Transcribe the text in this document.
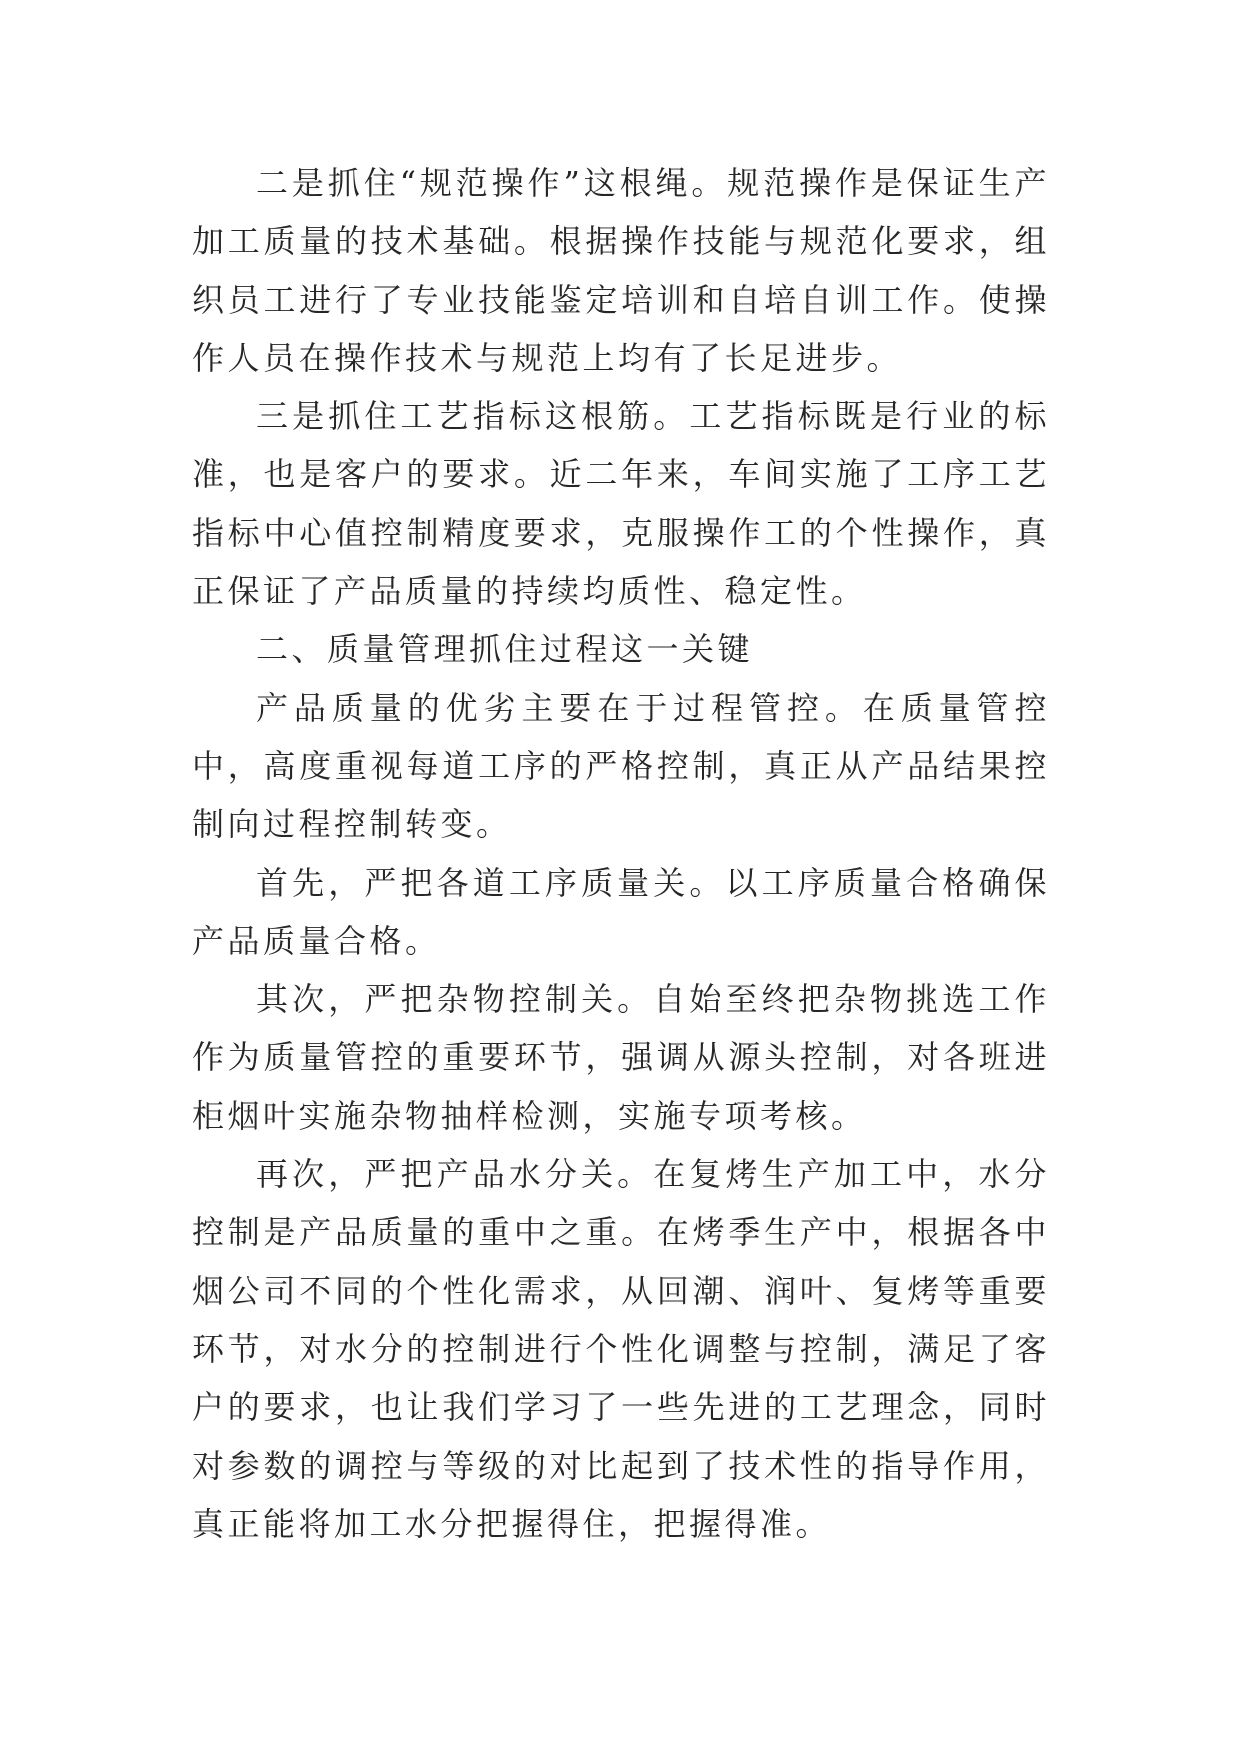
二是抓住“规范操作”这根绳。规范操作是保证生产加工质量的技术基础。根据操作技能与规范化要求，组织员工进行了专业技能鉴定培训和自培自训工作。使操作人员在操作技术与规范上均有了长足进步。

三是抓住工艺指标这根筋。工艺指标既是行业的标准，也是客户的要求。近二年来，车间实施了工序工艺指标中心值控制精度要求，克服操作工的个性操作，真正保证了产品质量的持续均质性、稳定性。

二、质量管理抓住过程这一关键

产品质量的优劣主要在于过程管控。在质量管控中，高度重视每道工序的严格控制，真正从产品结果控制向过程控制转变。

首先，严把各道工序质量关。以工序质量合格确保产品质量合格。

其次，严把杂物控制关。自始至终把杂物挑选工作作为质量管控的重要环节，强调从源头控制，对各班进柜烟叶实施杂物抽样检测，实施专项考核。

再次，严把产品水分关。在复烤生产加工中，水分控制是产品质量的重中之重。在烤季生产中，根据各中烟公司不同的个性化需求，从回潮、润叶、复烤等重要环节，对水分的控制进行个性化调整与控制，满足了客户的要求，也让我们学习了一些先进的工艺理念，同时对参数的调控与等级的对比起到了技术性的指导作用，真正能将加工水分把握得住，把握得准。
